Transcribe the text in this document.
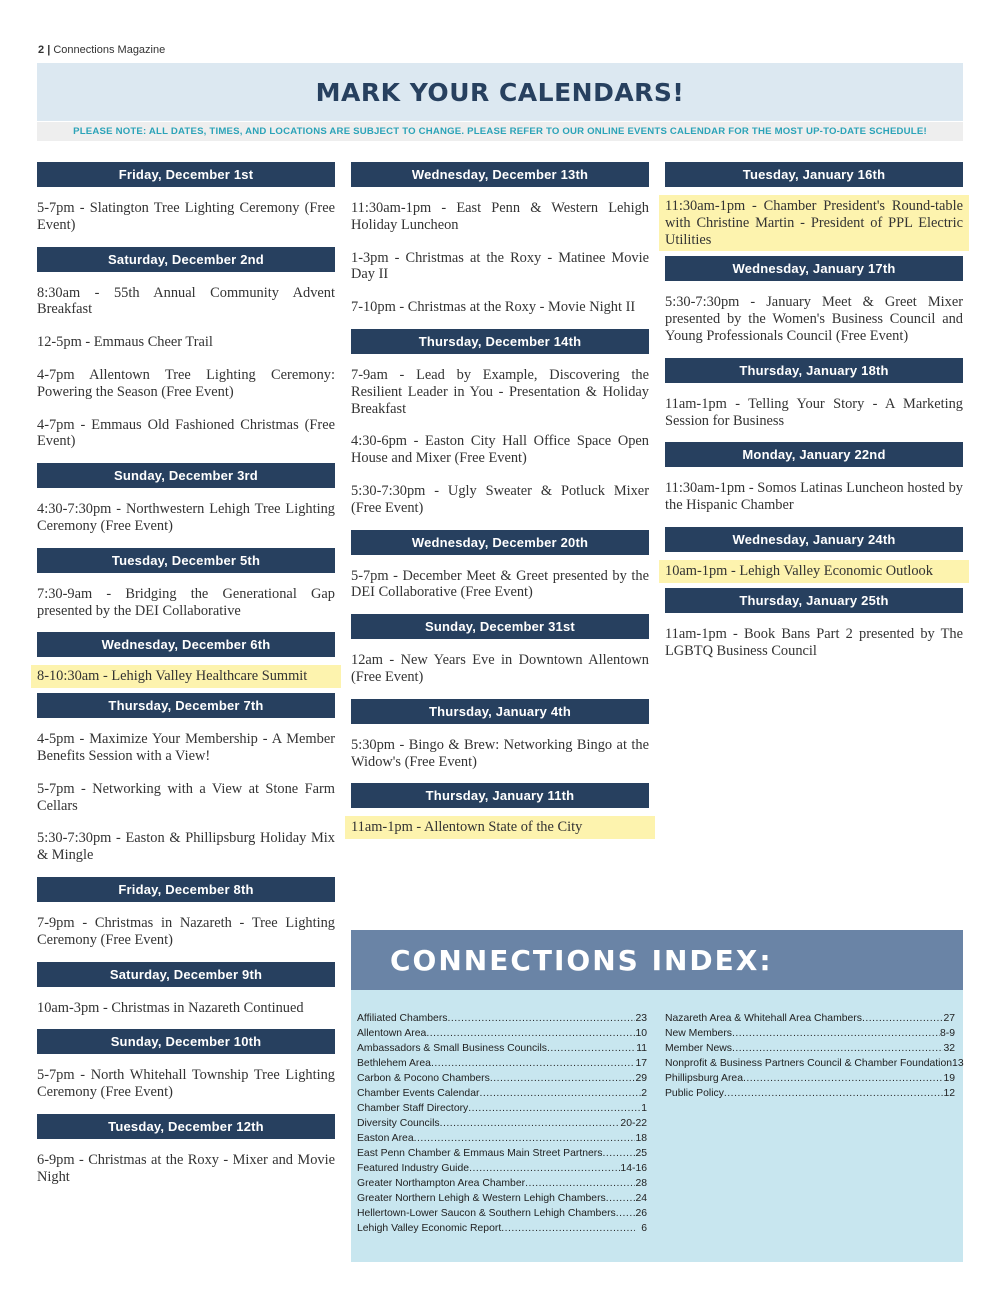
2 | Connections Magazine
MARK YOUR CALENDARS!
PLEASE NOTE: ALL DATES, TIMES, AND LOCATIONS ARE SUBJECT TO CHANGE. PLEASE REFER TO OUR ONLINE EVENTS CALENDAR FOR THE MOST UP-TO-DATE SCHEDULE!
Friday, December 1st
5-7pm - Slatington Tree Lighting Ceremony (Free Event)
Saturday, December 2nd
8:30am - 55th Annual Community Advent Breakfast
12-5pm - Emmaus Cheer Trail
4-7pm Allentown Tree Lighting Ceremony: Powering the Season (Free Event)
4-7pm - Emmaus Old Fashioned Christmas (Free Event)
Sunday, December 3rd
4:30-7:30pm - Northwestern Lehigh Tree Lighting Ceremony (Free Event)
Tuesday, December 5th
7:30-9am - Bridging the Generational Gap presented by the DEI Collaborative
Wednesday, December 6th
8-10:30am - Lehigh Valley Healthcare Summit
Thursday, December 7th
4-5pm - Maximize Your Membership - A Member Benefits Session with a View!
5-7pm - Networking with a View at Stone Farm Cellars
5:30-7:30pm - Easton & Phillipsburg Holiday Mix & Mingle
Friday, December 8th
7-9pm - Christmas in Nazareth - Tree Lighting Ceremony (Free Event)
Saturday, December 9th
10am-3pm - Christmas in Nazareth Continued
Sunday, December 10th
5-7pm - North Whitehall Township Tree Lighting Ceremony (Free Event)
Tuesday, December 12th
6-9pm - Christmas at the Roxy - Mixer and Movie Night
Wednesday, December 13th
11:30am-1pm - East Penn & Western Lehigh Holiday Luncheon
1-3pm - Christmas at the Roxy - Matinee Movie Day II
7-10pm - Christmas at the Roxy - Movie Night II
Thursday, December 14th
7-9am - Lead by Example, Discovering the Resilient Leader in You - Presentation & Holiday Breakfast
4:30-6pm - Easton City Hall Office Space Open House and Mixer (Free Event)
5:30-7:30pm - Ugly Sweater & Potluck Mixer (Free Event)
Wednesday, December 20th
5-7pm - December Meet & Greet presented by the DEI Collaborative (Free Event)
Sunday, December 31st
12am - New Years Eve in Downtown Allentown (Free Event)
Thursday, January 4th
5:30pm - Bingo & Brew: Networking Bingo at the Widow's (Free Event)
Thursday, January 11th
11am-1pm - Allentown State of the City
Tuesday, January 16th
11:30am-1pm - Chamber President's Round-table with Christine Martin - President of PPL Electric Utilities
Wednesday, January 17th
5:30-7:30pm - January Meet & Greet Mixer presented by the Women's Business Council and Young Professionals Council (Free Event)
Thursday, January 18th
11am-1pm - Telling Your Story - A Marketing Session for Business
Monday, January 22nd
11:30am-1pm - Somos Latinas Luncheon hosted by the Hispanic Chamber
Wednesday, January 24th
10am-1pm - Lehigh Valley Economic Outlook
Thursday, January 25th
11am-1pm - Book Bans Part 2 presented by The LGBTQ Business Council
CONNECTIONS INDEX:
Affiliated Chambers .....	23
Allentown Area .....	10
Ambassadors & Small Business Councils .....	11
Bethlehem Area .....	17
Carbon & Pocono Chambers .....	29
Chamber Events Calendar .....	2
Chamber Staff Directory .....	1
Diversity Councils .....	20-22
Easton Area .....	18
East Penn Chamber & Emmaus Main Street Partners .....	25
Featured Industry Guide .....	14-16
Greater Northampton Area Chamber .....	28
Greater Northern Lehigh & Western Lehigh Chambers .....	24
Hellertown-Lower Saucon & Southern Lehigh Chambers ..... 26
Lehigh Valley Economic Report .....	6
Nazareth Area & Whitehall Area Chambers .....	27
New Members .....	8-9
Member News .....	32
Nonprofit & Business Partners Council & Chamber Foundation 13
Phillipsburg Area .....	19
Public Policy .....	12
